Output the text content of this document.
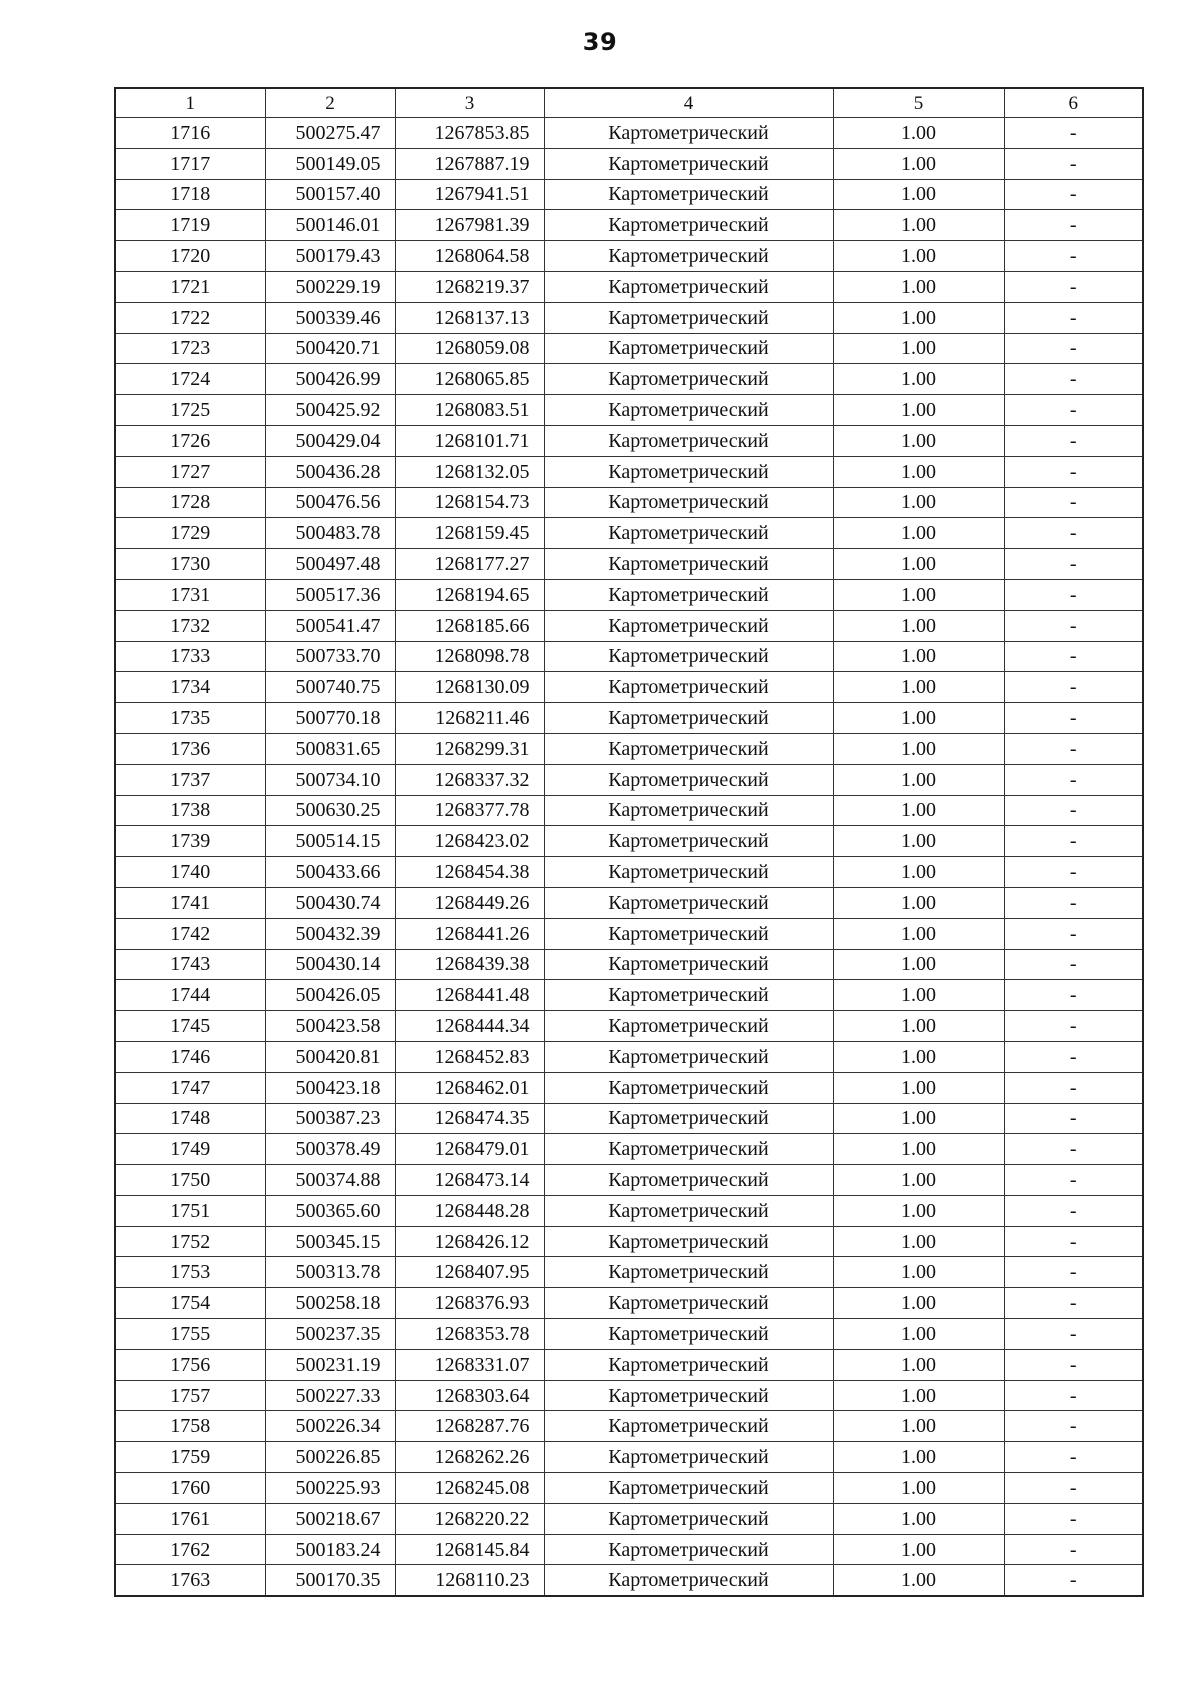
39
1	2	3	4	5	6
1716	500275.47	1267853.85	Картометрический	1.00	-
1717	500149.05	1267887.19	Картометрический	1.00	-
1718	500157.40	1267941.51	Картометрический	1.00	-
1719	500146.01	1267981.39	Картометрический	1.00	-
1720	500179.43	1268064.58	Картометрический	1.00	-
1721	500229.19	1268219.37	Картометрический	1.00	-
1722	500339.46	1268137.13	Картометрический	1.00	-
1723	500420.71	1268059.08	Картометрический	1.00	-
1724	500426.99	1268065.85	Картометрический	1.00	-
1725	500425.92	1268083.51	Картометрический	1.00	-
1726	500429.04	1268101.71	Картометрический	1.00	-
1727	500436.28	1268132.05	Картометрический	1.00	-
1728	500476.56	1268154.73	Картометрический	1.00	-
1729	500483.78	1268159.45	Картометрический	1.00	-
1730	500497.48	1268177.27	Картометрический	1.00	-
1731	500517.36	1268194.65	Картометрический	1.00	-
1732	500541.47	1268185.66	Картометрический	1.00	-
1733	500733.70	1268098.78	Картометрический	1.00	-
1734	500740.75	1268130.09	Картометрический	1.00	-
1735	500770.18	1268211.46	Картометрический	1.00	-
1736	500831.65	1268299.31	Картометрический	1.00	-
1737	500734.10	1268337.32	Картометрический	1.00	-
1738	500630.25	1268377.78	Картометрический	1.00	-
1739	500514.15	1268423.02	Картометрический	1.00	-
1740	500433.66	1268454.38	Картометрический	1.00	-
1741	500430.74	1268449.26	Картометрический	1.00	-
1742	500432.39	1268441.26	Картометрический	1.00	-
1743	500430.14	1268439.38	Картометрический	1.00	-
1744	500426.05	1268441.48	Картометрический	1.00	-
1745	500423.58	1268444.34	Картометрический	1.00	-
1746	500420.81	1268452.83	Картометрический	1.00	-
1747	500423.18	1268462.01	Картометрический	1.00	-
1748	500387.23	1268474.35	Картометрический	1.00	-
1749	500378.49	1268479.01	Картометрический	1.00	-
1750	500374.88	1268473.14	Картометрический	1.00	-
1751	500365.60	1268448.28	Картометрический	1.00	-
1752	500345.15	1268426.12	Картометрический	1.00	-
1753	500313.78	1268407.95	Картометрический	1.00	-
1754	500258.18	1268376.93	Картометрический	1.00	-
1755	500237.35	1268353.78	Картометрический	1.00	-
1756	500231.19	1268331.07	Картометрический	1.00	-
1757	500227.33	1268303.64	Картометрический	1.00	-
1758	500226.34	1268287.76	Картометрический	1.00	-
1759	500226.85	1268262.26	Картометрический	1.00	-
1760	500225.93	1268245.08	Картометрический	1.00	-
1761	500218.67	1268220.22	Картометрический	1.00	-
1762	500183.24	1268145.84	Картометрический	1.00	-
1763	500170.35	1268110.23	Картометрический	1.00	-
